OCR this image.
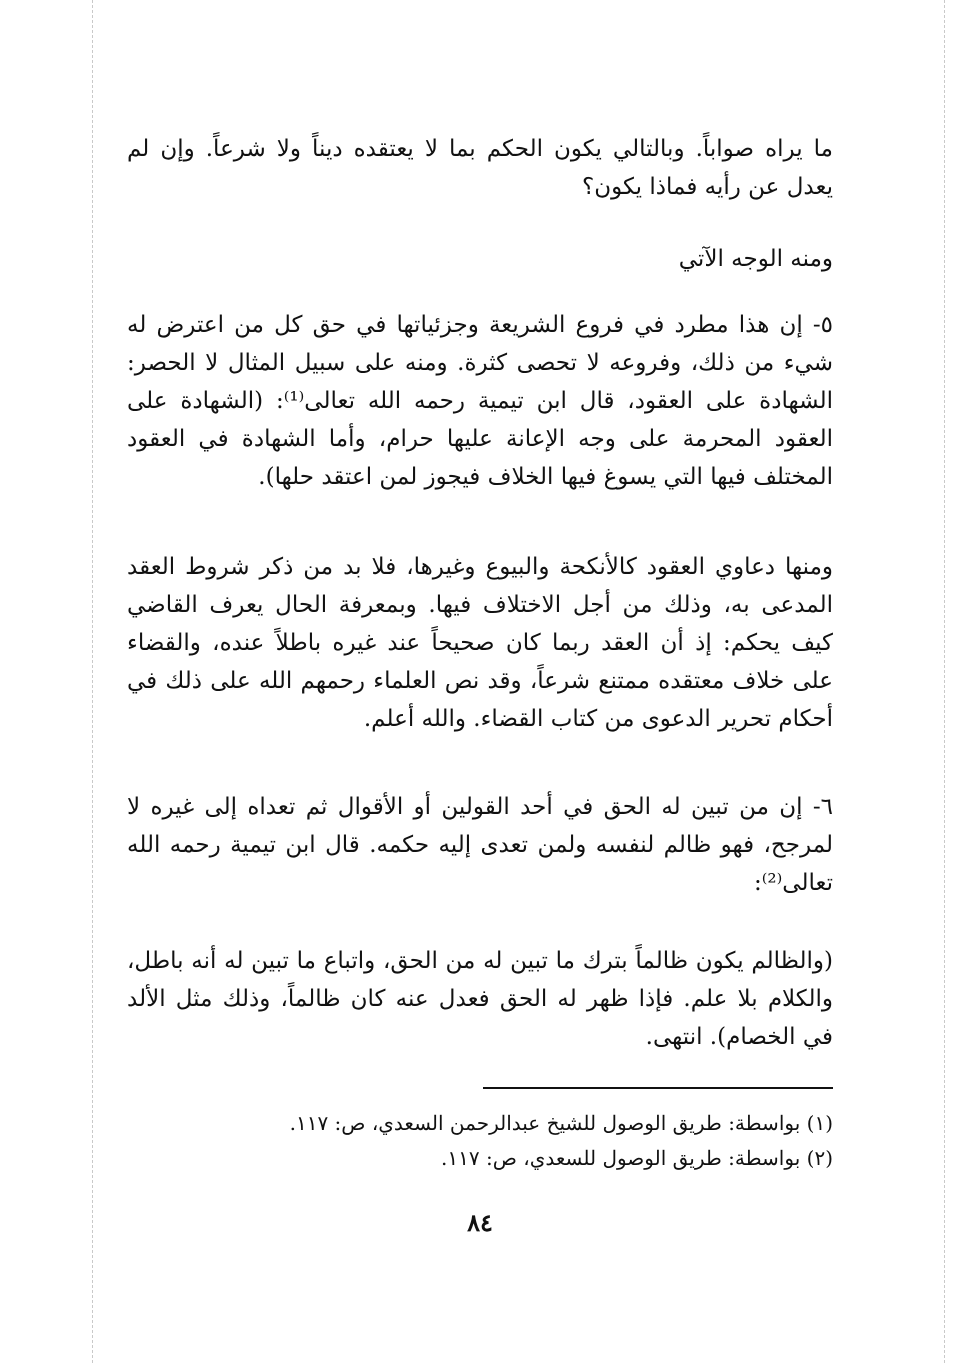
ما يراه صواباً. وبالتالي يكون الحكم بما لا يعتقده ديناً ولا شرعاً. وإن لم يعدل عن رأيه فماذا يكون؟

ومنه الوجه الآتي

٥- إن هذا مطرد في فروع الشريعة وجزئياتها في حق كل من اعترض له شيء من ذلك، وفروعه لا تحصى كثرة. ومنه على سبيل المثال لا الحصر: الشهادة على العقود، قال ابن تيمية رحمه الله تعالى⁽¹⁾: (الشهادة على العقود المحرمة على وجه الإعانة عليها حرام، وأما الشهادة في العقود المختلف فيها التي يسوغ فيها الخلاف فيجوز لمن اعتقد حلها).

ومنها دعاوي العقود كالأنكحة والبيوع وغيرها، فلا بد من ذكر شروط العقد المدعى به، وذلك من أجل الاختلاف فيها. وبمعرفة الحال يعرف القاضي كيف يحكم: إذ أن العقد ربما كان صحيحاً عند غيره باطلاً عنده، والقضاء على خلاف معتقده ممتنع شرعاً، وقد نص العلماء رحمهم الله على ذلك في أحكام تحرير الدعوى من كتاب القضاء. والله أعلم.

٦- إن من تبين له الحق في أحد القولين أو الأقوال ثم تعداه إلى غيره لا لمرجح، فهو ظالم لنفسه ولمن تعدى إليه حكمه. قال ابن تيمية رحمه الله تعالى⁽²⁾:

(والظالم يكون ظالماً بترك ما تبين له من الحق، واتباع ما تبين له أنه باطل، والكلام بلا علم. فإذا ظهر له الحق فعدل عنه كان ظالماً، وذلك مثل الألد في الخصام). انتهى.

(١) بواسطة: طريق الوصول للشيخ عبدالرحمن السعدي، ص: ١١٧.

(٢) بواسطة: طريق الوصول للسعدي، ص: ١١٧.

٨٤
